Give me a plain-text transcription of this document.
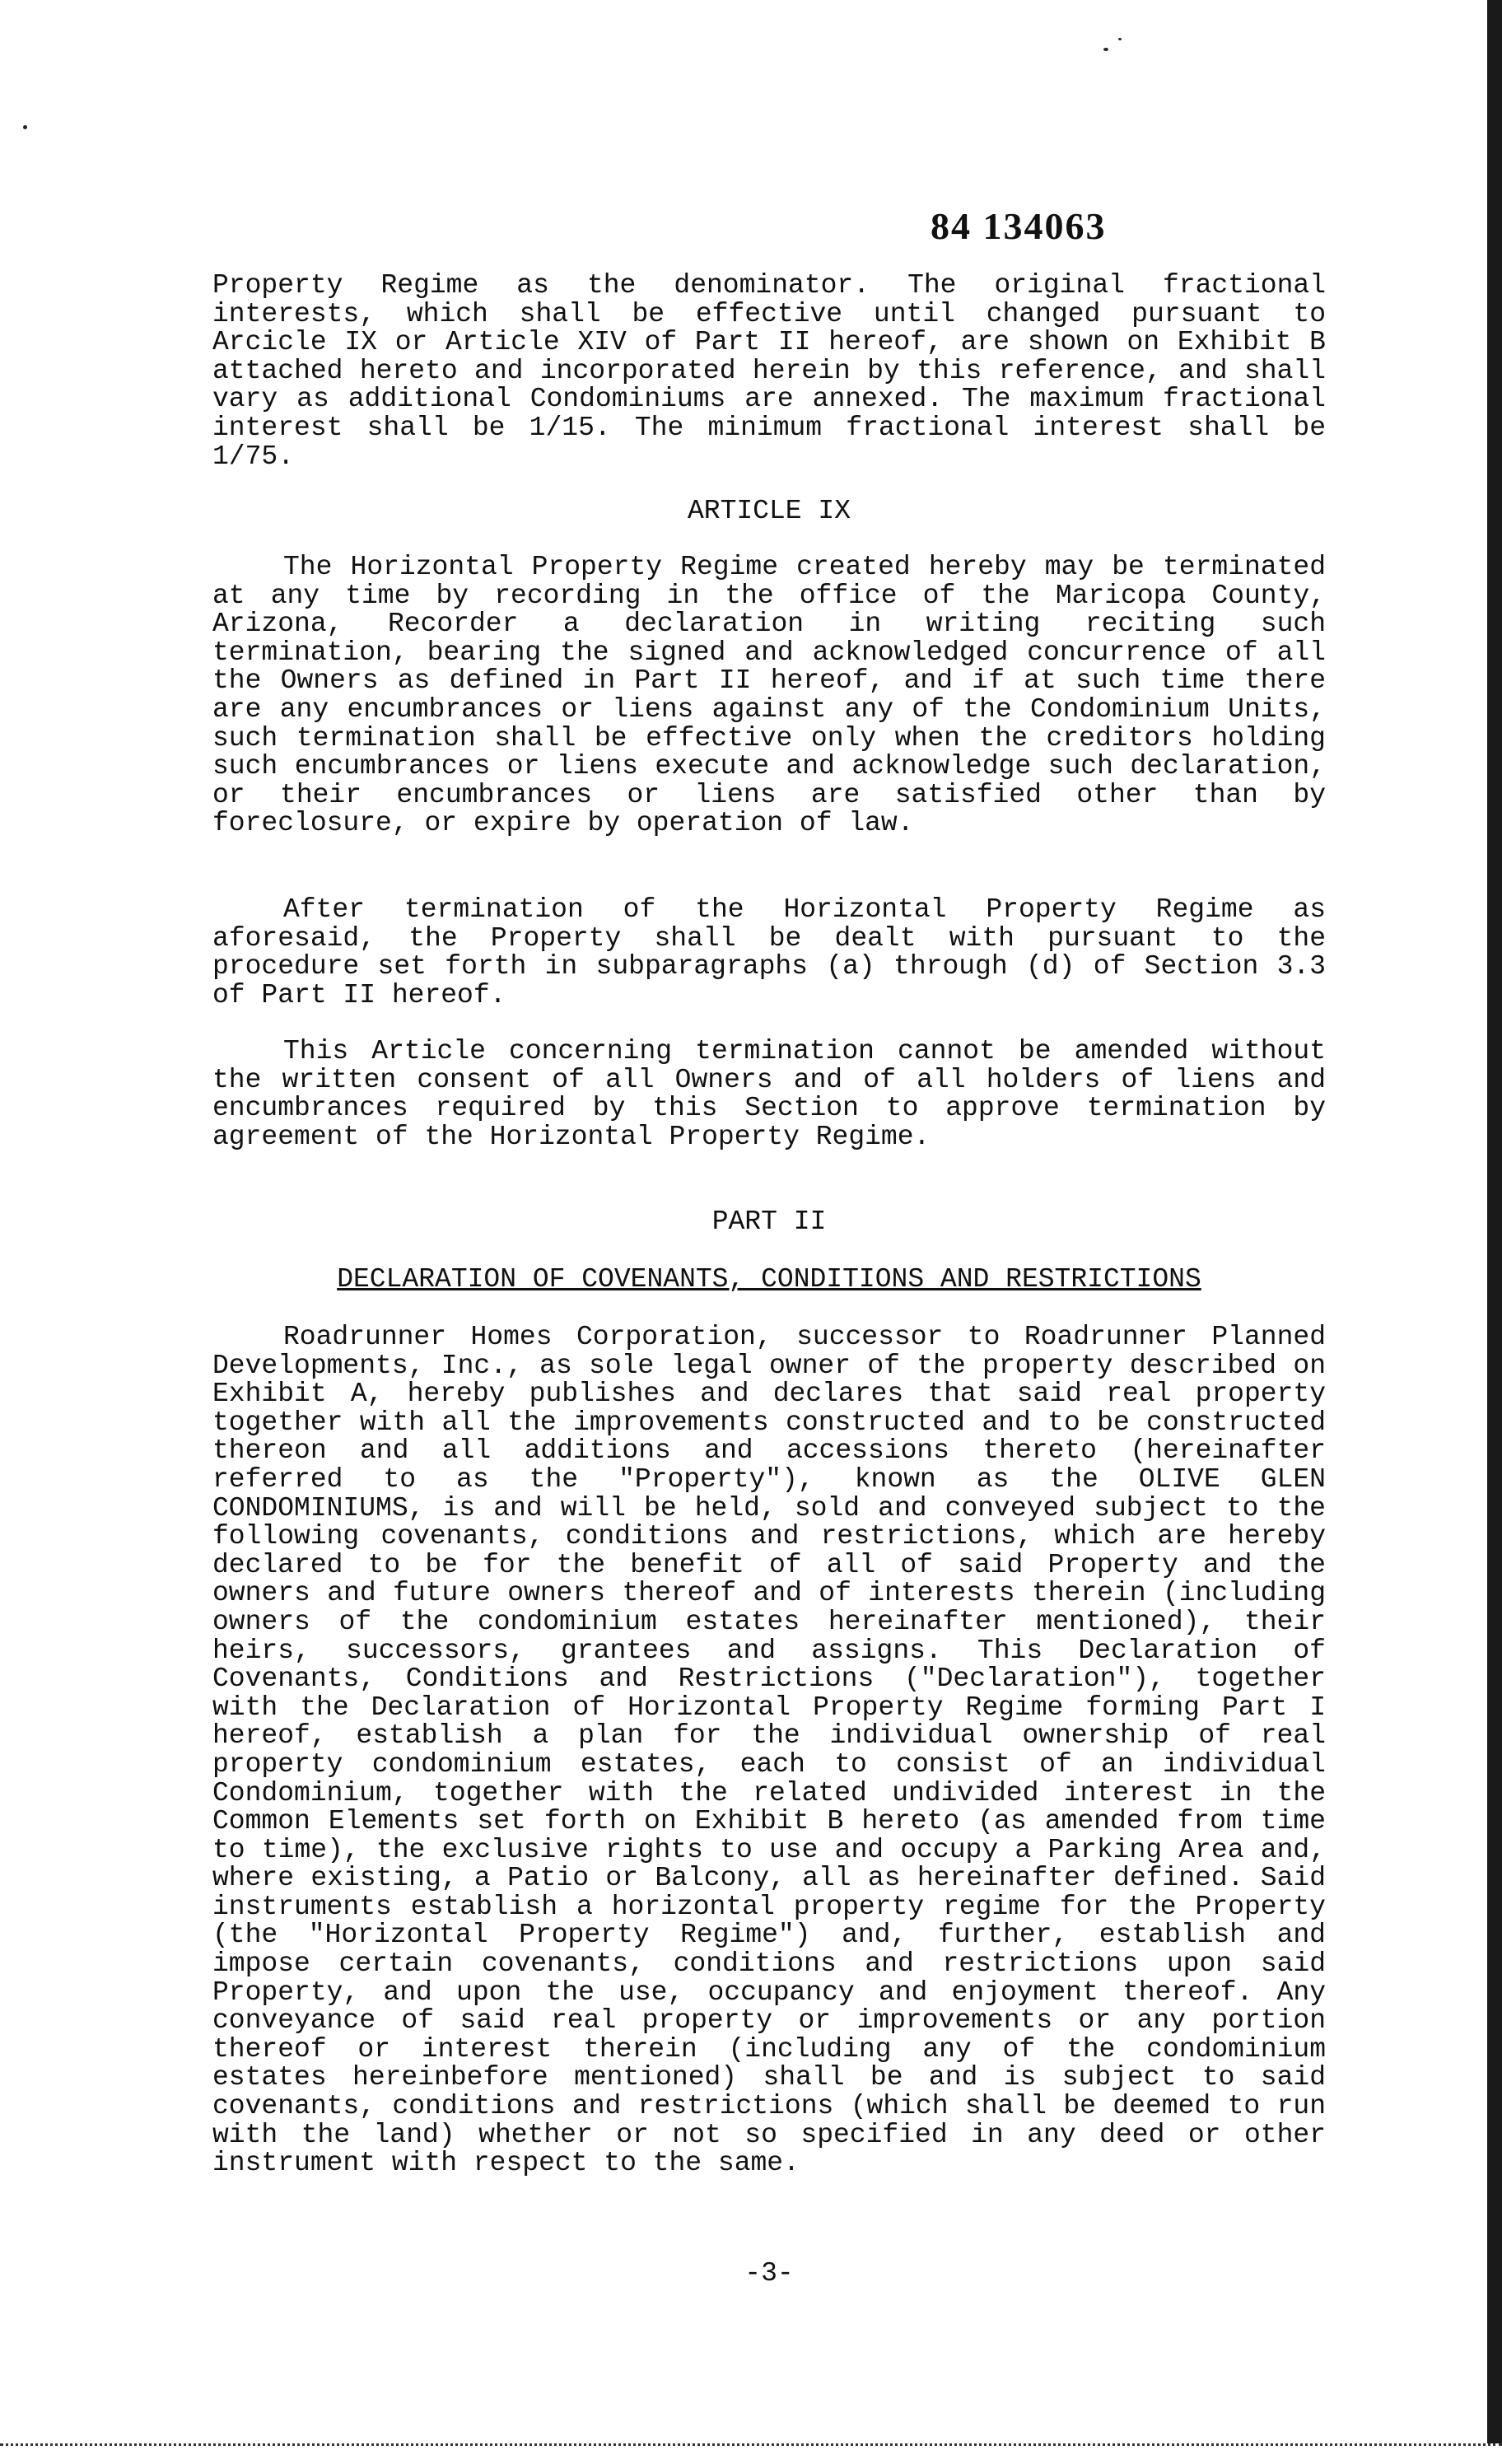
84 134063
Property Regime as the denominator. The original fractional interests, which shall be effective until changed pursuant to Arcicle IX or Article XIV of Part II hereof, are shown on Exhibit B attached hereto and incorporated herein by this reference, and shall vary as additional Condominiums are annexed. The maximum fractional interest shall be 1/15. The minimum fractional interest shall be 1/75.
ARTICLE IX
The Horizontal Property Regime created hereby may be terminated at any time by recording in the office of the Maricopa County, Arizona, Recorder a declaration in writing reciting such termination, bearing the signed and acknowledged concurrence of all the Owners as defined in Part II hereof, and if at such time there are any encumbrances or liens against any of the Condominium Units, such termination shall be effective only when the creditors holding such encumbrances or liens execute and acknowledge such declaration, or their encumbrances or liens are satisfied other than by foreclosure, or expire by operation of law.
After termination of the Horizontal Property Regime as aforesaid, the Property shall be dealt with pursuant to the procedure set forth in subparagraphs (a) through (d) of Section 3.3 of Part II hereof.
This Article concerning termination cannot be amended without the written consent of all Owners and of all holders of liens and encumbrances required by this Section to approve termination by agreement of the Horizontal Property Regime.
PART II
DECLARATION OF COVENANTS, CONDITIONS AND RESTRICTIONS
Roadrunner Homes Corporation, successor to Roadrunner Planned Developments, Inc., as sole legal owner of the property described on Exhibit A, hereby publishes and declares that said real property together with all the improvements constructed and to be constructed thereon and all additions and accessions thereto (hereinafter referred to as the "Property"), known as the OLIVE GLEN CONDOMINIUMS, is and will be held, sold and conveyed subject to the following covenants, conditions and restrictions, which are hereby declared to be for the benefit of all of said Property and the owners and future owners thereof and of interests therein (including owners of the condominium estates hereinafter mentioned), their heirs, successors, grantees and assigns. This Declaration of Covenants, Conditions and Restrictions ("Declaration"), together with the Declaration of Horizontal Property Regime forming Part I hereof, establish a plan for the individual ownership of real property condominium estates, each to consist of an individual Condominium, together with the related undivided interest in the Common Elements set forth on Exhibit B hereto (as amended from time to time), the exclusive rights to use and occupy a Parking Area and, where existing, a Patio or Balcony, all as hereinafter defined. Said instruments establish a horizontal property regime for the Property (the "Horizontal Property Regime") and, further, establish and impose certain covenants, conditions and restrictions upon said Property, and upon the use, occupancy and enjoyment thereof. Any conveyance of said real property or improvements or any portion thereof or interest therein (including any of the condominium estates hereinbefore mentioned) shall be and is subject to said covenants, conditions and restrictions (which shall be deemed to run with the land) whether or not so specified in any deed or other instrument with respect to the same.
-3-
